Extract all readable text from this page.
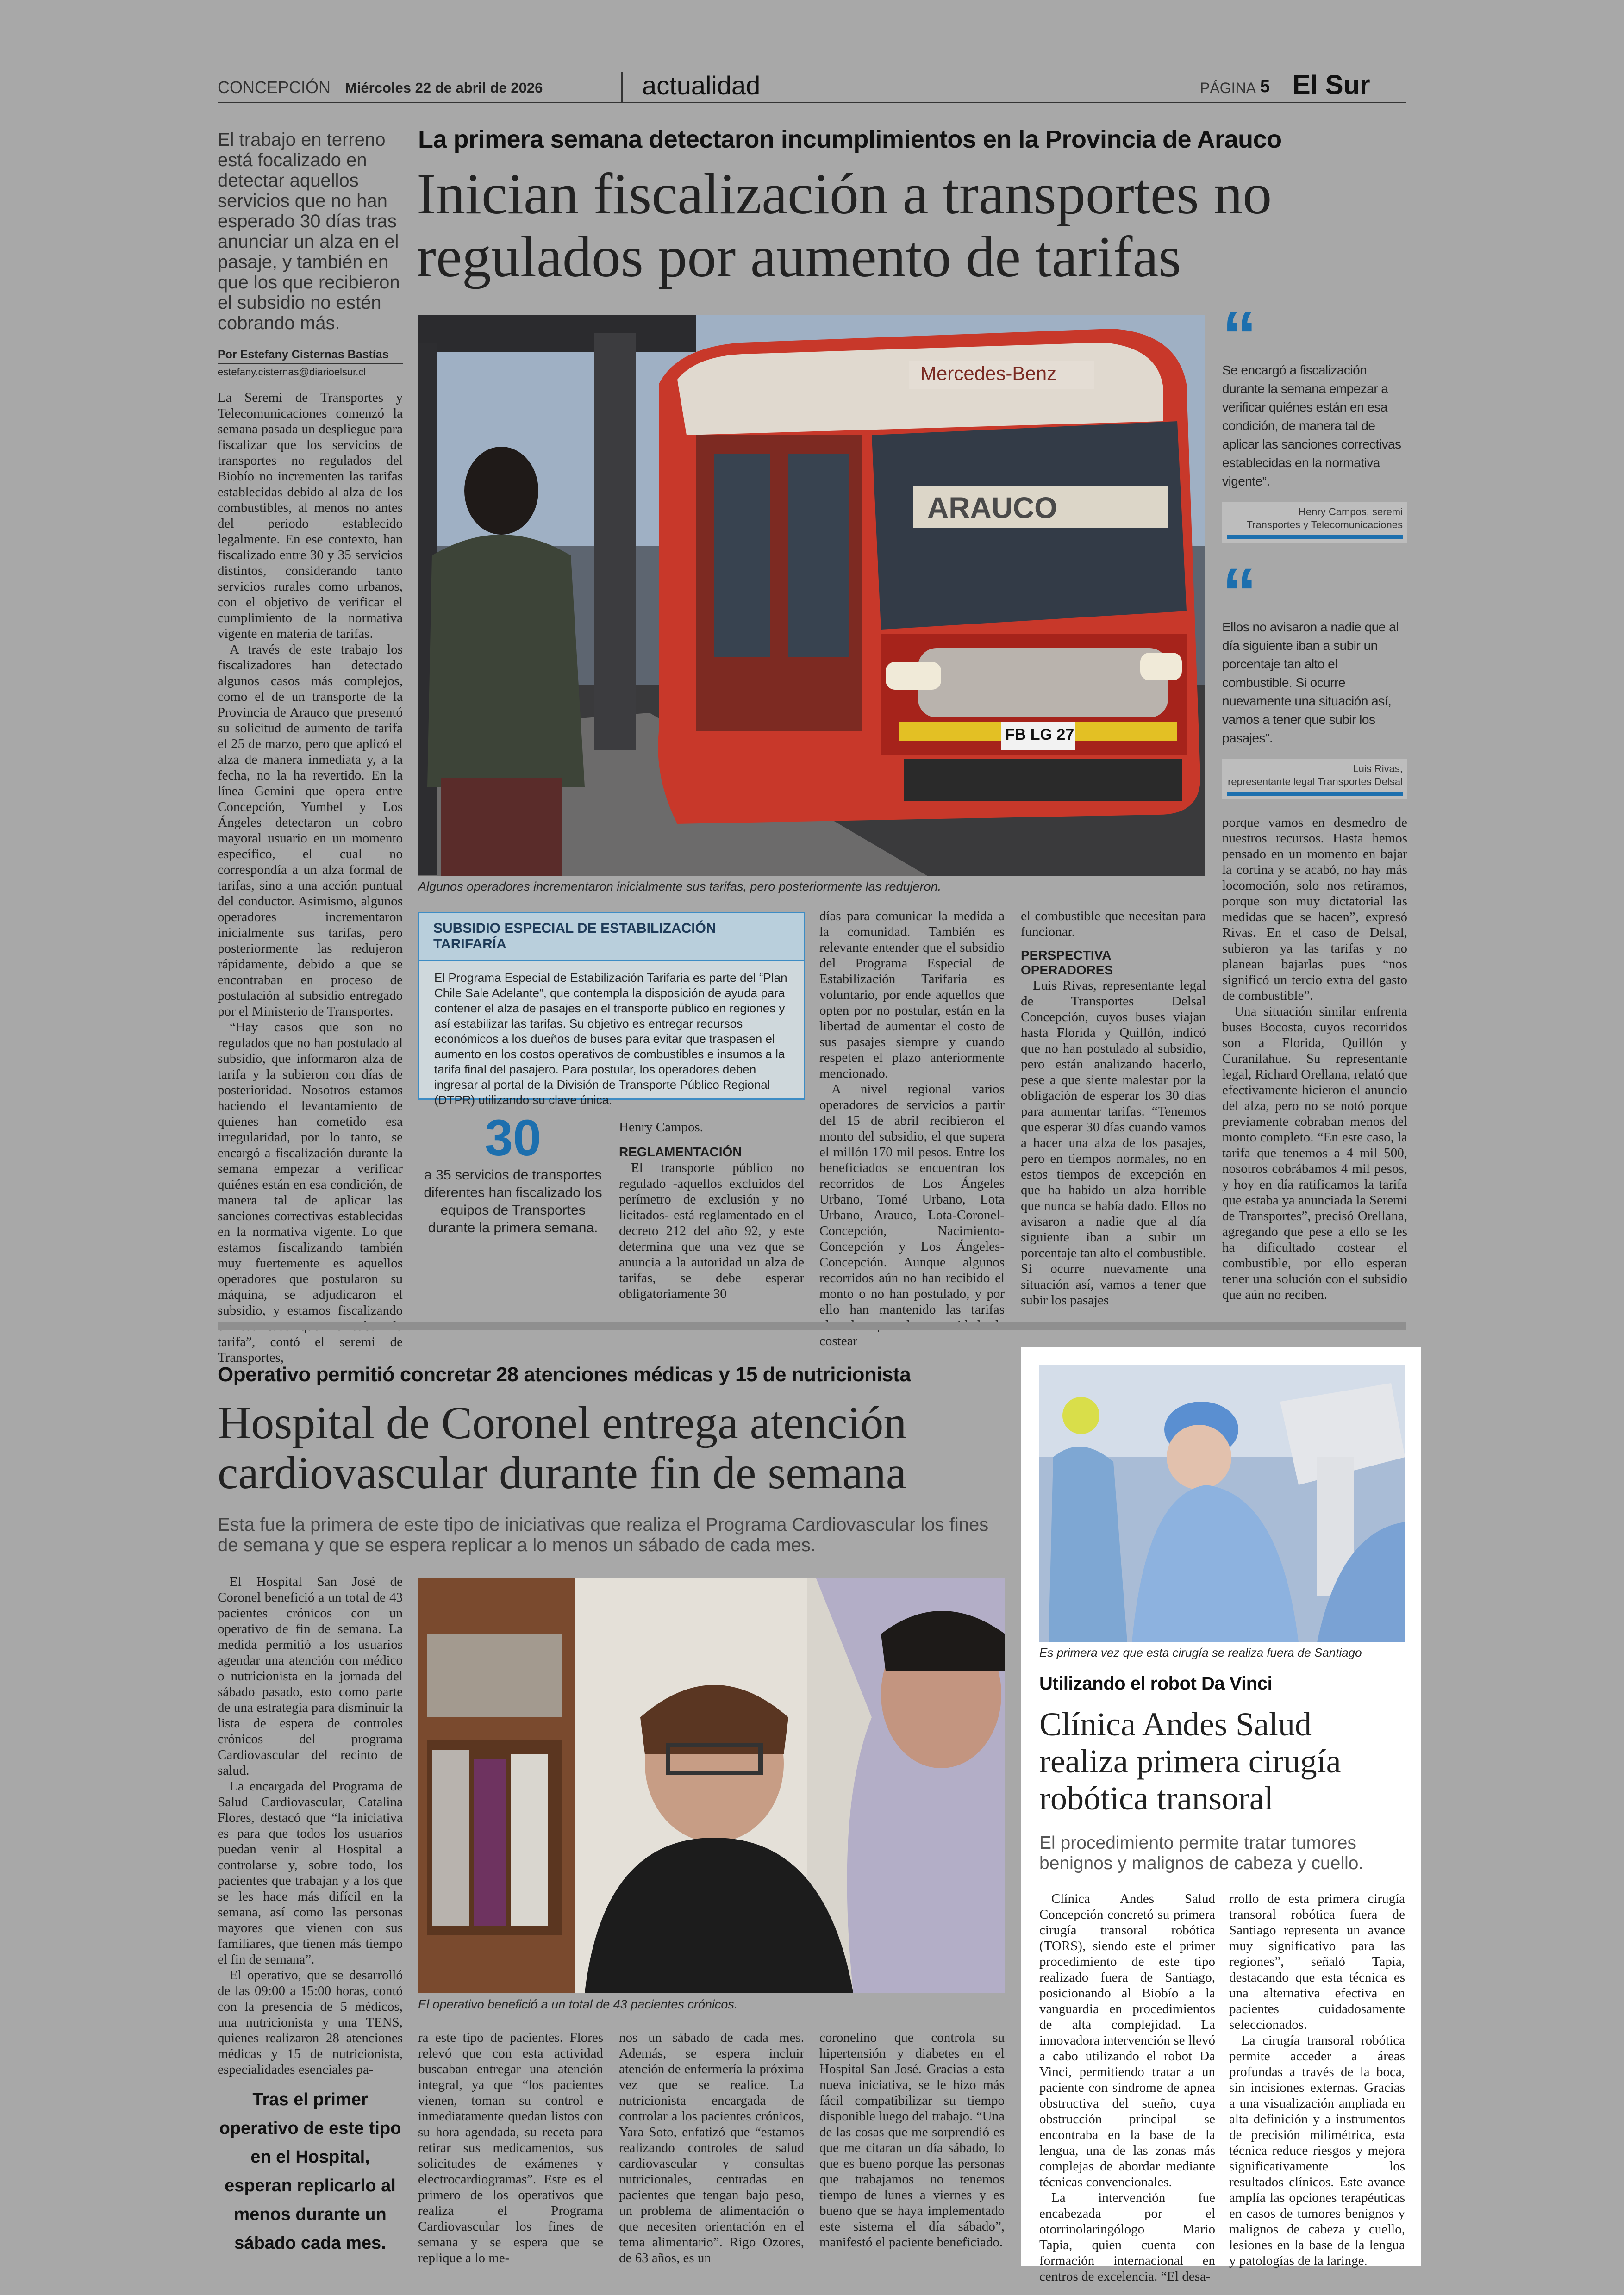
CONCEPCIÓN Miércoles 22 de abril de 2026	actualidad	PÁGINA 5 El Sur
El trabajo en terreno está focalizado en detectar aquellos servicios que no han esperado 30 días tras anunciar un alza en el pasaje, y también en que los que recibieron el subsidio no estén cobrando más.
La primera semana detectaron incumplimientos en la Provincia de Arauco
Inician fiscalización a transportes no regulados por aumento de tarifas
Por Estefany Cisternas Bastías
estefany.cisternas@diarioelsur.cl	Mercedes-Benz
ARAUCO
FB LG 27
Algunos operadores incrementaron inicialmente sus tarifas, pero posteriormente las redujeron.

La Seremi de Transportes y Telecomunicaciones comenzó la semana pasada un despliegue para fiscalizar que los servicios de transportes no regulados del Biobío no incrementen las tarifas establecidas debido al alza de los combustibles, al menos no antes del periodo establecido legalmente. En ese contexto, han fiscalizado entre 30 y 35 servicios distintos, considerando tanto servicios rurales como urbanos, con el objetivo de verificar el cumplimiento de la normativa vigente en materia de tarifas.

A través de este trabajo los fiscalizadores han detectado algunos casos más complejos, como el de un transporte de la Provincia de Arauco que presentó su solicitud de aumento de tarifa el 25 de marzo, pero que aplicó el alza de manera inmediata y, a la fecha, no la ha revertido. En la línea Gemini que opera entre Concepción, Yumbel y Los Ángeles detectaron un cobro mayoral usuario en un momento específico, el cual no correspondía a un alza formal de tarifas, sino a una acción puntual del conductor. Asimismo, algunos operadores incrementaron inicialmente sus tarifas, pero posteriormente las redujeron rápidamente, debido a que se encontraban en proceso de postulación al subsidio entregado por el Ministerio de Transportes.

“Hay casos que son no regulados que no han postulado al subsidio, que informaron alza de tarifa y la subieron con días de posterioridad. Nosotros estamos haciendo el levantamiento de quienes han cometido esa irregularidad, por lo tanto, se encargó a fiscalización durante la semana empezar a verificar quiénes están en esa condición, de manera tal de aplicar las sanciones correctivas establecidas en la normativa vigente. Lo que estamos fiscalizando también muy fuertemente es aquellos operadores que postularon su máquina, se adjudicaron el subsidio, y estamos fiscalizando tarifa”, contó el seremi de Transportes,

SUBSIDIO ESPECIAL DE ESTABILIZACIÓN TARIFARÍA
El Programa Especial de Estabilización Tarifaria es parte del “Plan Chile Sale Adelante”, que contempla la disposición de ayuda para contener el alza de pasajes en el transporte público en regiones y así estabilizar las tarifas. Su objetivo es entregar recursos económicos a los dueños de buses para evitar que traspasen el aumento en los costos operativos de combustibles e insumos a la tarifa final del pasajero. Para postular, los operadores deben ingresar al portal de la División de Transporte Público Regional (DTPR) utilizando su clave única.
30
a 35 servicios de transportes diferentes han fiscalizado los equipos de Transportes durante la primera semana.

Henry Campos.

REGLAMENTACIÓN

El transporte público no regulado -aquellos excluidos del perímetro de exclusión y no licitados- está reglamentado en el decreto 212 del año 92, y este determina que una vez que se anuncia a la autoridad un alza de tarifas, se debe esperar obligatoriamente 30

días para comunicar la medida a la comunidad. También es relevante entender que el subsidio del Programa Especial de Estabilización Tarifaria es voluntario, por ende aquellos que opten por no postular, están en la libertad de aumentar el costo de sus pasajes siempre y cuando respeten el plazo anteriormente mencionado.

A nivel regional varios operadores de servicios a partir del 15 de abril recibieron el monto del subsidio, el que supera el millón 170 mil pesos. Entre los beneficiados se encuentran los recorridos de Los Ángeles Urbano, Tomé Urbano, Lota Urbano, Arauco, Lota-Coronel-Concepción, Nacimiento-Concepción y Los Ángeles-Concepción. Aunque algunos recorridos aún no han recibido el monto o no han postulado, y por ello han mantenido las tarifas costear

el combustible que necesitan para funcionar.

PERSPECTIVA OPERADORES

Luis Rivas, representante legal de Transportes Delsal Concepción, cuyos buses viajan hasta Florida y Quillón, indicó que no han postulado al subsidio, pero están analizando hacerlo, pese a que siente malestar por la obligación de esperar los 30 días para aumentar tarifas. “Tenemos que esperar 30 días cuando vamos a hacer una alza de los pasajes, pero en tiempos normales, no en estos tiempos de excepción en que ha habido un alza horrible que nunca se había dado. Ellos no avisaron a nadie que al día siguiente iban a subir un porcentaje tan alto el combustible. Si ocurre nuevamente una situación así, vamos a tener que subir los pasajes

“
Se encargó a fiscalización durante la semana empezar a verificar quiénes están en esa condición, de manera tal de aplicar las sanciones correctivas establecidas en la normativa vigente”.
Henry Campos, seremi
Transportes y Telecomunicaciones
“
Ellos no avisaron a nadie que al día siguiente iban a subir un porcentaje tan alto el combustible. Si ocurre nuevamente una situación así, vamos a tener que subir los pasajes”.
Luis Rivas,
representante legal Transportes Delsal

porque vamos en desmedro de nuestros recursos. Hasta hemos pensado en un momento en bajar la cortina y se acabó, no hay más locomoción, solo nos retiramos, porque son muy dictatorial las medidas que se hacen”, expresó Rivas. En el caso de Delsal, subieron ya las tarifas y no planean bajarlas pues “nos significó un tercio extra del gasto de combustible”.

Una situación similar enfrenta buses Bocosta, cuyos recorridos son a Florida, Quillón y Curanilahue. Su representante legal, Richard Orellana, relató que efectivamente hicieron el anuncio del alza, pero no se notó porque previamente cobraban menos del monto completo. “En este caso, la tarifa que tenemos a 4 mil 500, nosotros cobrábamos 4 mil pesos, y hoy en día ratificamos la tarifa que estaba ya anunciada la Seremi de Transportes”, precisó Orellana, agregando que pese a ello se les ha dificultado costear el combustible, por ello esperan tener una solución con el subsidio que aún no reciben.

Operativo permitió concretar 28 atenciones médicas y 15 de nutricionista
Hospital de Coronel entrega atención cardiovascular durante fin de semana
Esta fue la primera de este tipo de iniciativas que realiza el Programa Cardiovascular los fines de semana y que se espera replicar a lo menos un sábado de cada mes.

El Hospital San José de Coronel benefició a un total de 43 pacientes crónicos con un operativo de fin de semana. La medida permitió a los usuarios agendar una atención con médico o nutricionista en la jornada del sábado pasado, esto como parte de una estrategia para disminuir la lista de espera de controles crónicos del programa Cardiovascular del recinto de salud.

La encargada del Programa de Salud Cardiovascular, Catalina Flores, destacó que “la iniciativa es para que todos los usuarios puedan venir al Hospital a controlarse y, sobre todo, los pacientes que trabajan y a los que se les hace más difícil en la semana, así como las personas mayores que vienen con sus familiares, que tienen más tiempo el fin de semana”.

El operativo, que se desarrolló de las 09:00 a 15:00 horas, contó con la presencia de 5 médicos, una nutricionista y una TENS, quienes realizaron 28 atenciones médicas y 15 de nutricionista, especialidades esenciales pa-

Tras el primer operativo de este tipo en el Hospital, esperan replicarlo al menos durante un sábado cada mes.
El operativo benefició a un total de 43 pacientes crónicos.

ra este tipo de pacientes. Flores relevó que con esta actividad buscaban entregar una atención integral, ya que “los pacientes vienen, toman su control e inmediatamente quedan listos con su hora agendada, su receta para retirar sus medicamentos, sus solicitudes de exámenes y electrocardiogramas”. Este es el primero de los operativos que realiza el Programa Cardiovascular los fines de semana y se espera que se replique a lo me-

nos un sábado de cada mes. Además, se espera incluir atención de enfermería la próxima vez que se realice. La nutricionista encargada de controlar a los pacientes crónicos, Yara Soto, enfatizó que “estamos realizando controles de salud cardiovascular y consultas nutricionales, centradas en pacientes que tengan bajo peso, un problema de alimentación o que necesiten orientación en el tema alimentario”. Rigo Ozores, de 63 años, es un

coronelino que controla su hipertensión y diabetes en el Hospital San José. Gracias a esta nueva iniciativa, se le hizo más fácil compatibilizar su tiempo disponible luego del trabajo. “Una de las cosas que me sorprendió es que me citaran un día sábado, lo que es bueno porque las personas que trabajamos no tenemos tiempo de lunes a viernes y es bueno que se haya implementado este sistema el día sábado”, manifestó el paciente beneficiado.

Es primera vez que esta cirugía se realiza fuera de Santiago
Utilizando el robot Da Vinci
Clínica Andes Salud realiza primera cirugía robótica transoral
El procedimiento permite tratar tumores benignos y malignos de cabeza y cuello.

Clínica Andes Salud Concepción concretó su primera cirugía transoral robótica (TORS), siendo este el primer procedimiento de este tipo realizado fuera de Santiago, posicionando al Biobío a la vanguardia en procedimientos de alta complejidad. La innovadora intervención se llevó a cabo utilizando el robot Da Vinci, permitiendo tratar a un paciente con síndrome de apnea obstructiva del sueño, cuya obstrucción principal se encontraba en la base de la lengua, una de las zonas más complejas de abordar mediante técnicas convencionales.

La intervención fue encabezada por el otorrinolaringólogo Mario Tapia, quien cuenta con formación internacional en centros de excelencia. “El desa-

rrollo de esta primera cirugía transoral robótica fuera de Santiago representa un avance muy significativo para las regiones”, señaló Tapia, destacando que esta técnica es una alternativa efectiva en pacientes cuidadosamente seleccionados.

La cirugía transoral robótica permite acceder a áreas profundas a través de la boca, sin incisiones externas. Gracias a una visualización ampliada en alta definición y a instrumentos de precisión milimétrica, esta técnica reduce riesgos y mejora significativamente los resultados clínicos. Este avance amplía las opciones terapéuticas en casos de tumores benignos y malignos de cabeza y cuello, lesiones en la base de la lengua y patologías de la laringe.
